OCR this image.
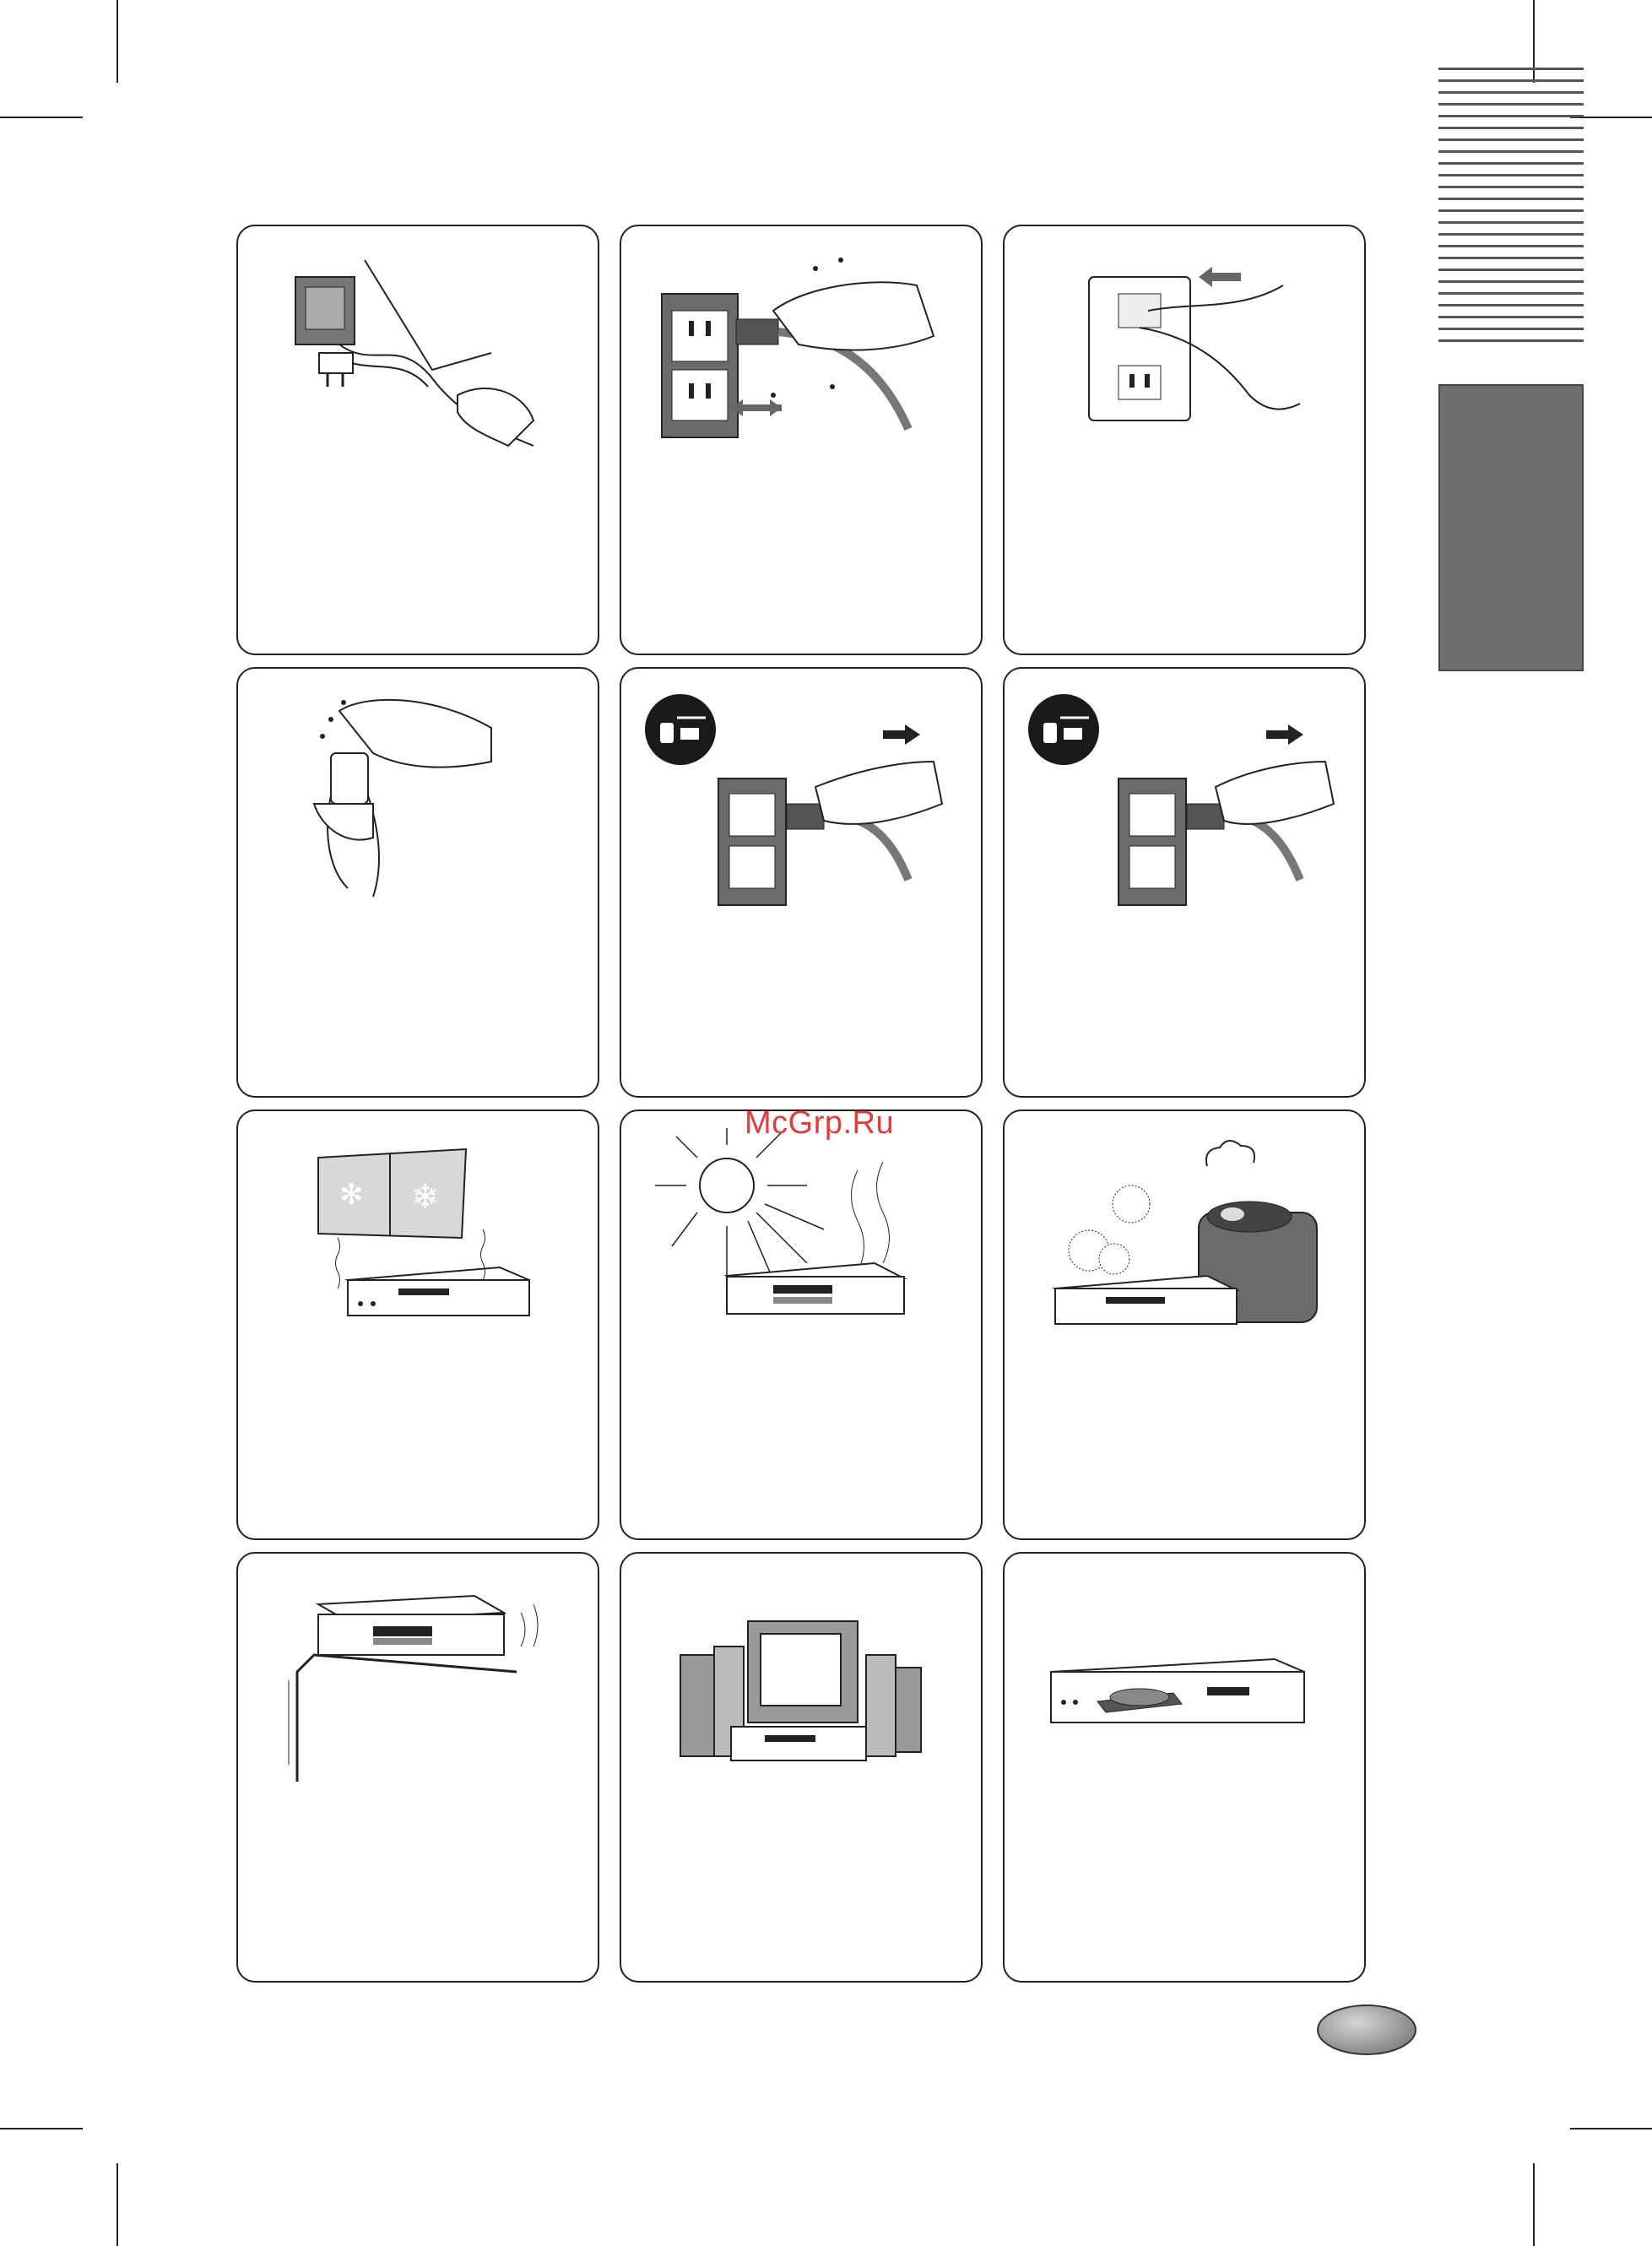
✻ ❄
McGrp.Ru
